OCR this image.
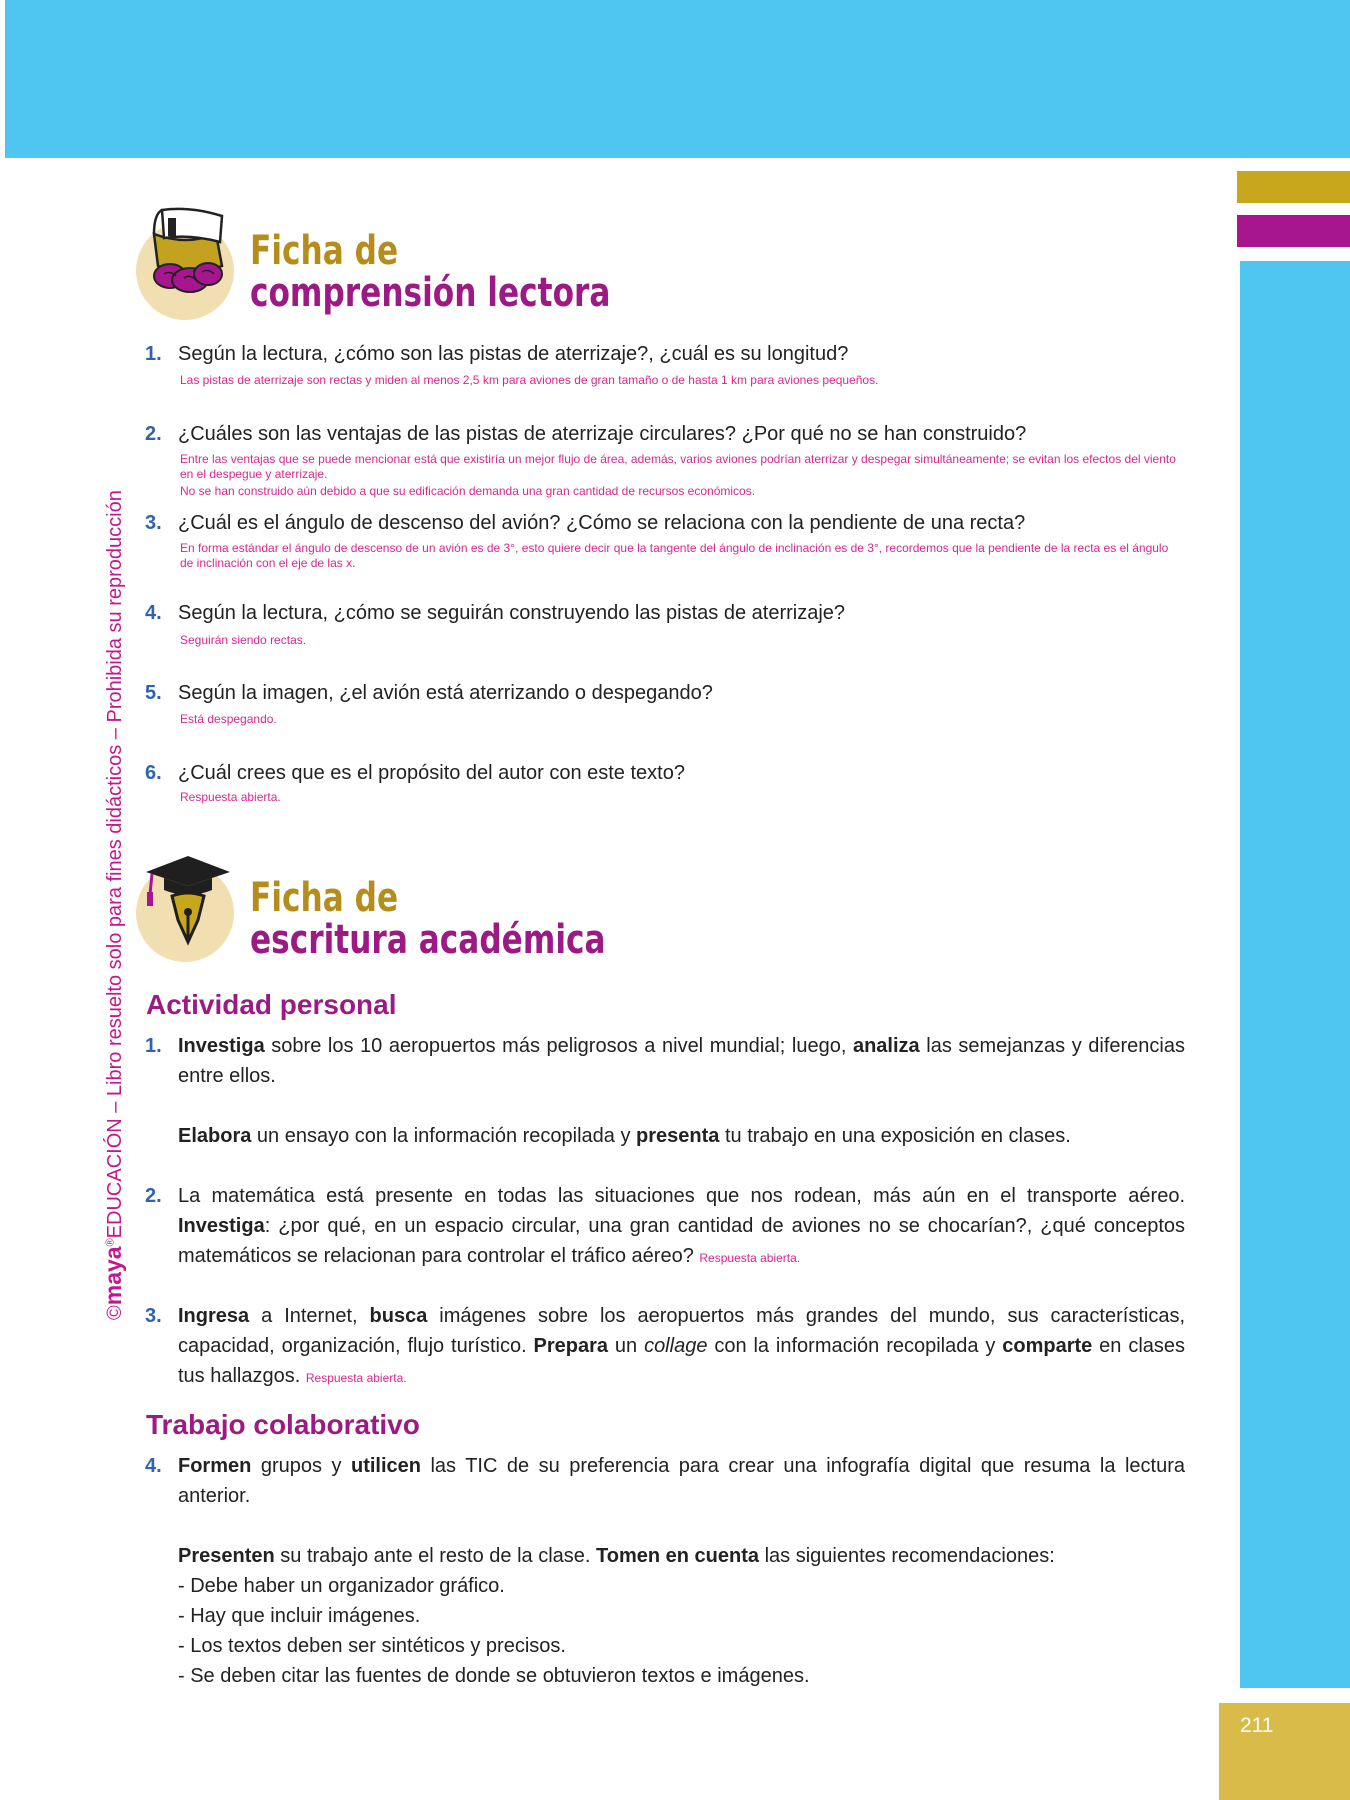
211
©maya®EDUCACIÓN – Libro resuelto solo para fines didácticos – Prohibida su reproducción
Ficha de
comprensión lectora
1. Según la lectura, ¿cómo son las pistas de aterrizaje?, ¿cuál es su longitud?
Las pistas de aterrizaje son rectas y miden al menos 2,5 km para aviones de gran tamaño o de hasta 1 km para aviones pequeños.
2. ¿Cuáles son las ventajas de las pistas de aterrizaje circulares? ¿Por qué no se han construido?
Entre las ventajas que se puede mencionar está que existiría un mejor flujo de área, además, varios aviones podrían aterrizar y despegar simultáneamente; se evitan los efectos del viento en el despegue y aterrizaje.
No se han construido aún debido a que su edificación demanda una gran cantidad de recursos económicos.
3. ¿Cuál es el ángulo de descenso del avión? ¿Cómo se relaciona con la pendiente de una recta?
En forma estándar el ángulo de descenso de un avión es de 3°, esto quiere decir que la tangente del ángulo de inclinación es de 3°, recordemos que la pendiente de la recta es el ángulo de inclinación con el eje de las x.
4. Según la lectura, ¿cómo se seguirán construyendo las pistas de aterrizaje?
Seguirán siendo rectas.
5. Según la imagen, ¿el avión está aterrizando o despegando?
Está despegando.
6. ¿Cuál crees que es el propósito del autor con este texto?
Respuesta abierta.
Ficha de
escritura académica
Actividad personal
1. Investiga sobre los 10 aeropuertos más peligrosos a nivel mundial; luego, analiza las semejanzas y diferencias entre ellos.
Elabora un ensayo con la información recopilada y presenta tu trabajo en una exposición en clases.
2. La matemática está presente en todas las situaciones que nos rodean, más aún en el transporte aéreo. Investiga: ¿por qué, en un espacio circular, una gran cantidad de aviones no se chocarían?, ¿qué conceptos matemáticos se relacionan para controlar el tráfico aéreo? Respuesta abierta.
3. Ingresa a Internet, busca imágenes sobre los aeropuertos más grandes del mundo, sus características, capacidad, organización, flujo turístico. Prepara un collage con la información recopilada y comparte en clases tus hallazgos. Respuesta abierta.
Trabajo colaborativo
4. Formen grupos y utilicen las TIC de su preferencia para crear una infografía digital que resuma la lectura anterior.
Presenten su trabajo ante el resto de la clase. Tomen en cuenta las siguientes recomendaciones:
- Debe haber un organizador gráfico.
- Hay que incluir imágenes.
- Los textos deben ser sintéticos y precisos.
- Se deben citar las fuentes de donde se obtuvieron textos e imágenes.
